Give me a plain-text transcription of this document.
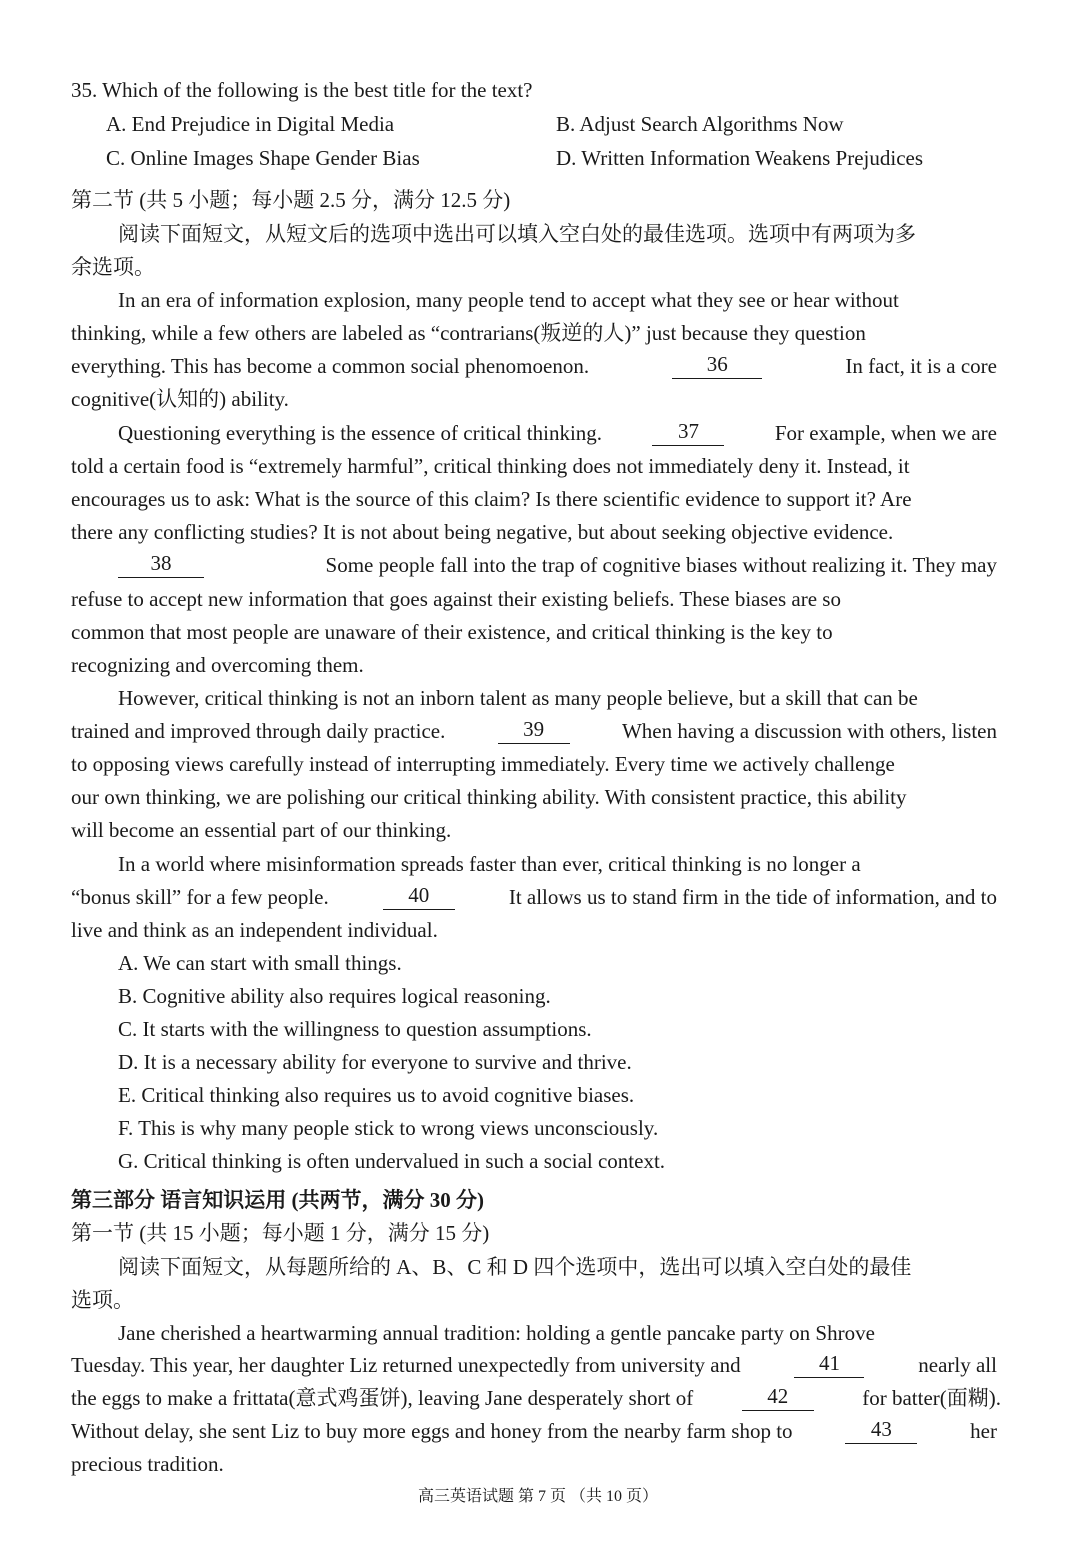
35. Which of the following is the best title for the text?
A. End Prejudice in Digital Media	B. Adjust Search Algorithms Now
C. Online Images Shape Gender Bias	D. Written Information Weakens Prejudices
第二节 (共 5 小题；每小题 2.5 分，满分 12.5 分)
阅读下面短文，从短文后的选项中选出可以填入空白处的最佳选项。选项中有两项为多
余选项。
In an era of information explosion, many people tend to accept what they see or hear without
thinking, while a few others are labeled as “contrarians(叛逆的人)” just because they question
everything. This has become a common social phenomoenon.	36	In fact, it is a core
cognitive(认知的) ability.
Questioning everything is the essence of critical thinking.	37	For example, when we are
told a certain food is “extremely harmful”, critical thinking does not immediately deny it. Instead, it
encourages us to ask: What is the source of this claim? Is there scientific evidence to support it? Are
there any conflicting studies? It is not about being negative, but about seeking objective evidence.
38	Some people fall into the trap of cognitive biases without realizing it. They may
refuse to accept new information that goes against their existing beliefs. These biases are so
common that most people are unaware of their existence, and critical thinking is the key to
recognizing and overcoming them.
However, critical thinking is not an inborn talent as many people believe, but a skill that can be
trained and improved through daily practice.	39	When having a discussion with others, listen
to opposing views carefully instead of interrupting immediately. Every time we actively challenge
our own thinking, we are polishing our critical thinking ability. With consistent practice, this ability
will become an essential part of our thinking.
In a world where misinformation spreads faster than ever, critical thinking is no longer a
“bonus skill” for a few people.	40	It allows us to stand firm in the tide of information, and to
live and think as an independent individual.
A. We can start with small things.
B. Cognitive ability also requires logical reasoning.
C. It starts with the willingness to question assumptions.
D. It is a necessary ability for everyone to survive and thrive.
E. Critical thinking also requires us to avoid cognitive biases.
F. This is why many people stick to wrong views unconsciously.
G. Critical thinking is often undervalued in such a social context.
第三部分 语言知识运用 (共两节，满分 30 分)
第一节 (共 15 小题；每小题 1 分，满分 15 分)
阅读下面短文，从每题所给的 A、B、C 和 D 四个选项中，选出可以填入空白处的最佳
选项。
Jane cherished a heartwarming annual tradition: holding a gentle pancake party on Shrove
Tuesday. This year, her daughter Liz returned unexpectedly from university and	41	nearly all
the eggs to make a frittata(意式鸡蛋饼), leaving Jane desperately short of	42	for batter(面糊).
Without delay, she sent Liz to buy more eggs and honey from the nearby farm shop to	43	her
precious tradition.
高三英语试题 第 7 页 （共 10 页）
